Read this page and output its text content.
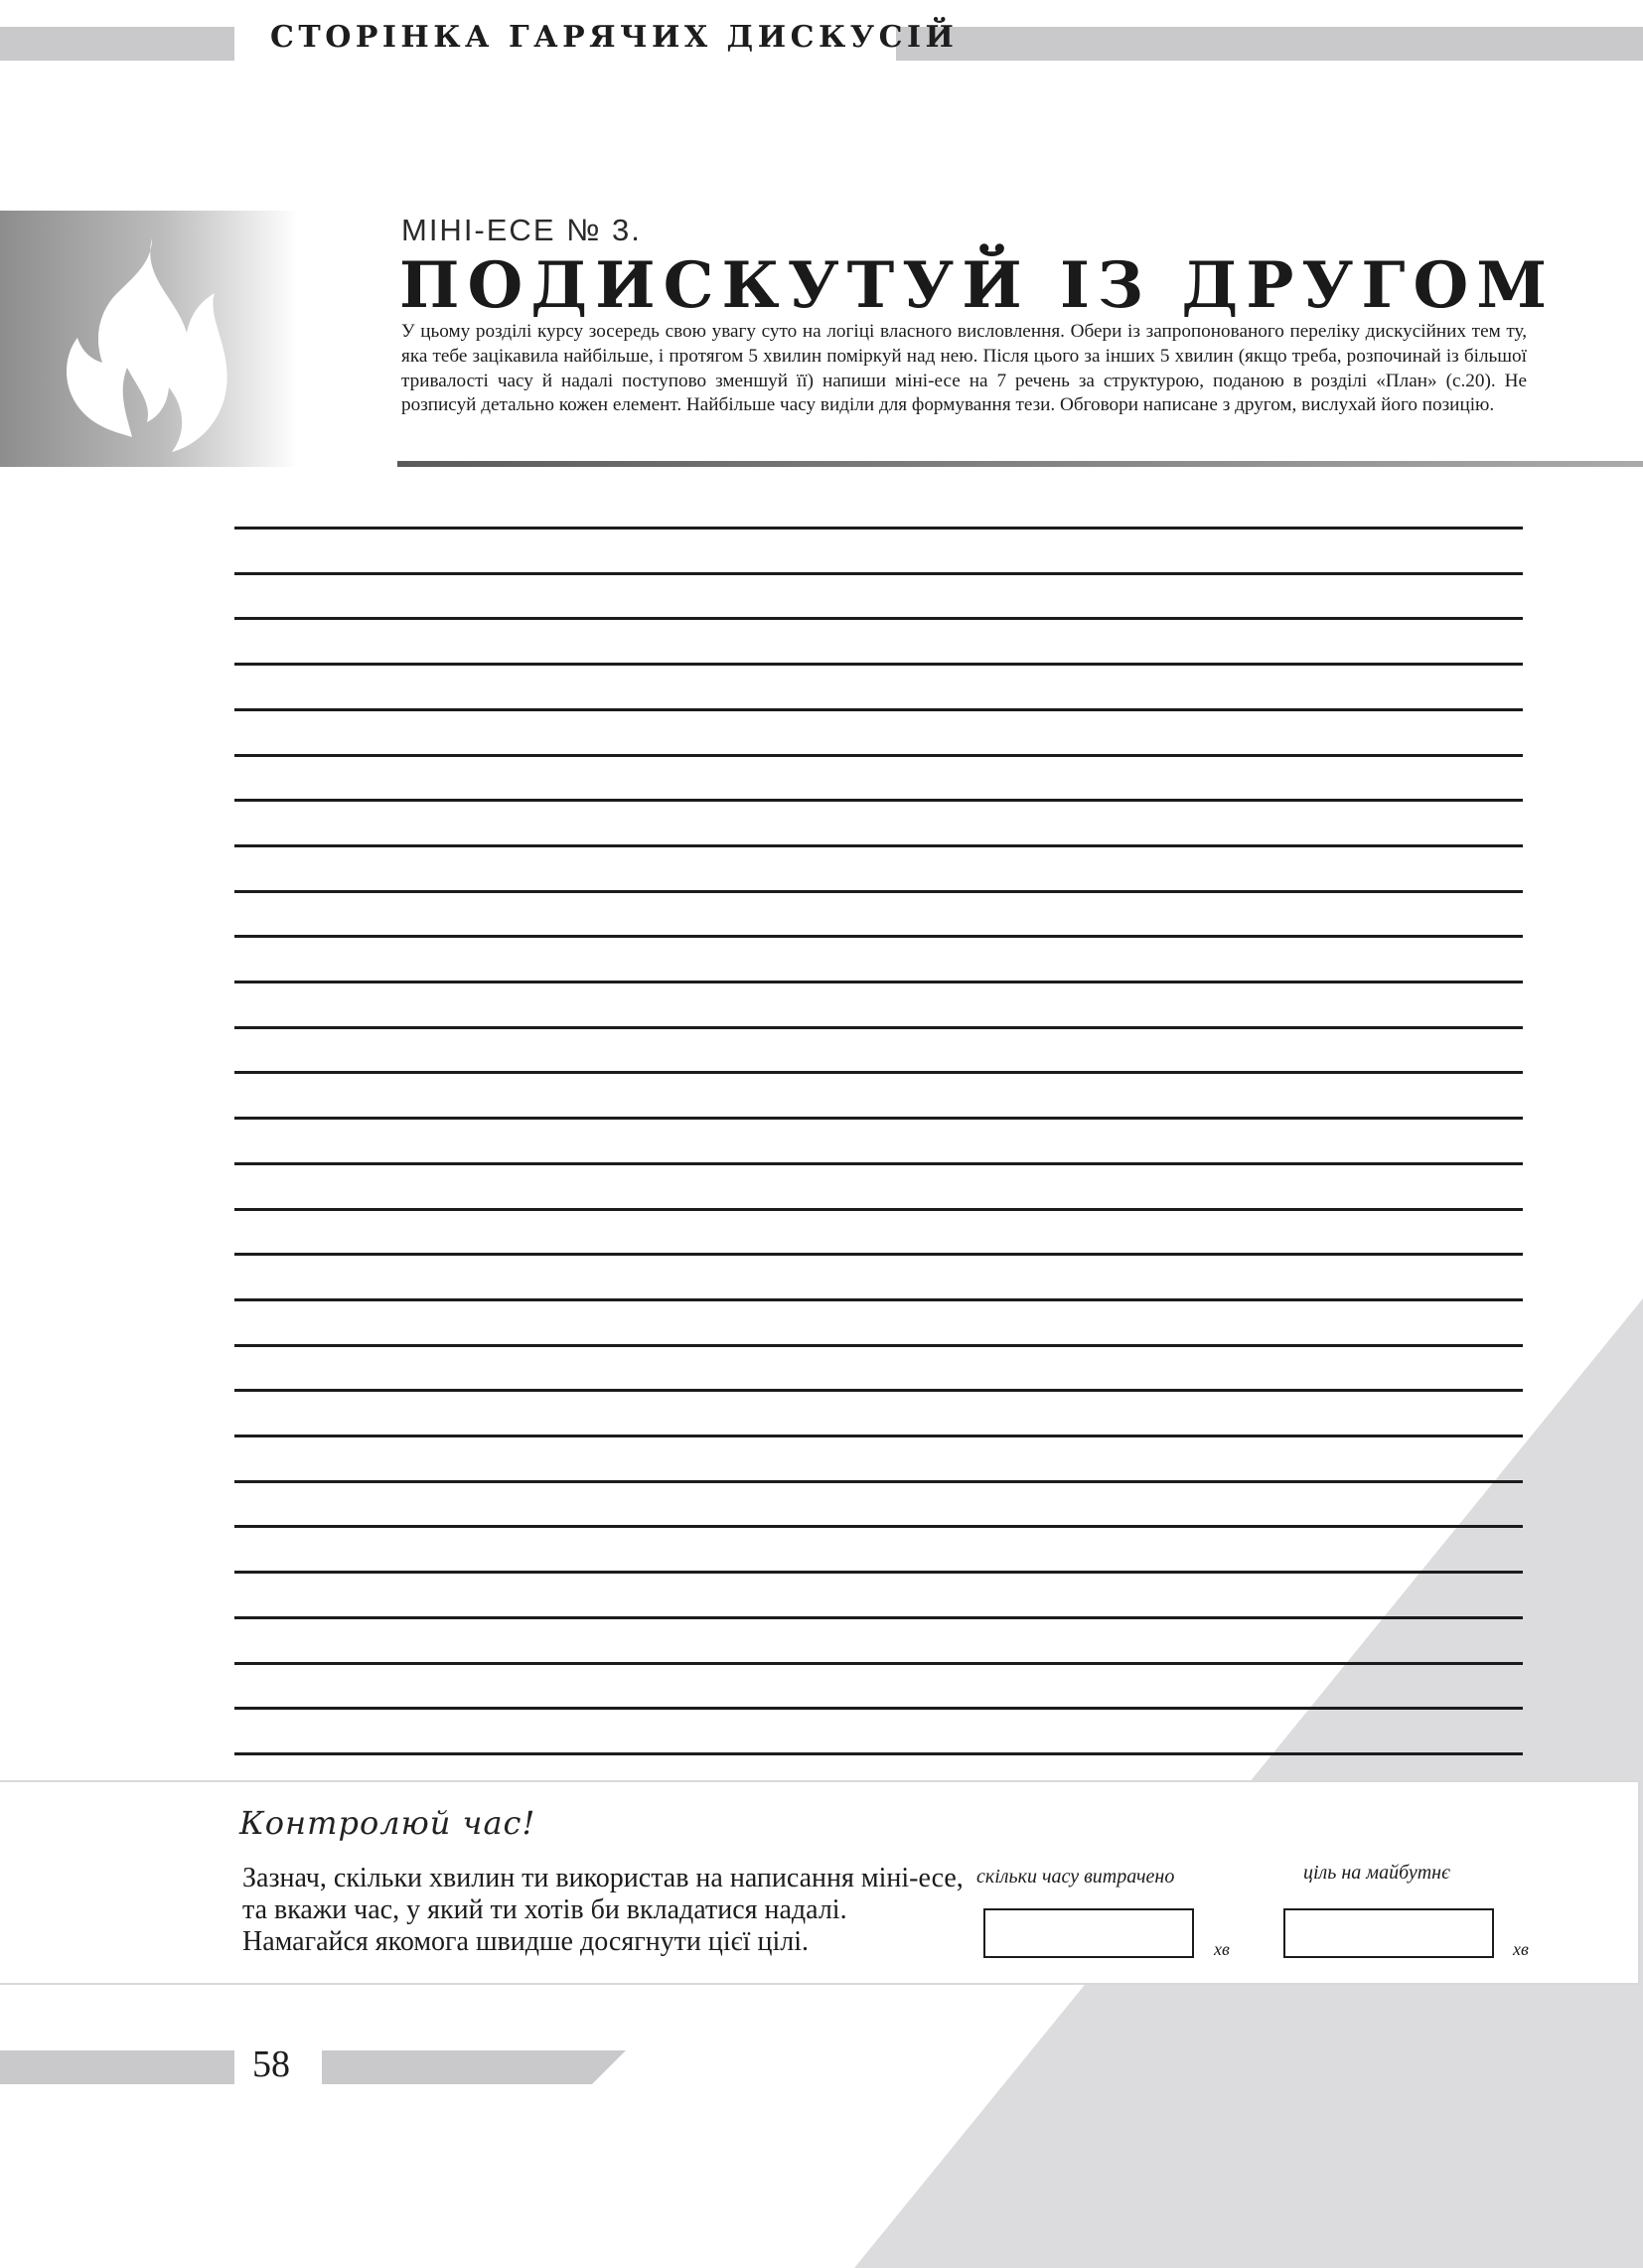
СТОРІНКА ГАРЯЧИХ ДИСКУСІЙ
МІНІ-ЕСЕ № 3.
ПОДИСКУТУЙ ІЗ ДРУГОМ
У цьому розділі курсу зосередь свою увагу суто на логіці власного висловлення. Обери із запропонованого переліку дискусійних тем ту, яка тебе зацікавила найбільше, і протягом 5 хвилин поміркуй над нею. Після цього за інших 5 хвилин (якщо треба, розпочинай із більшої тривалості часу й надалі поступово зменшуй її) напиши міні-есе на 7 речень за структурою, поданою в розділі «План» (с.20). Не розписуй детально кожен елемент. Найбільше часу виділи для формування тези. Обговори написане з другом, вислухай його позицію.
Контролюй час!
Зазнач, скільки хвилин ти використав на написання міні-есе, та вкажи час, у який ти хотів би вкладатися надалі. Намагайся якомога швидше досягнути цієї цілі.
скільки часу витрачено
хв
ціль на майбутнє
хв
58
